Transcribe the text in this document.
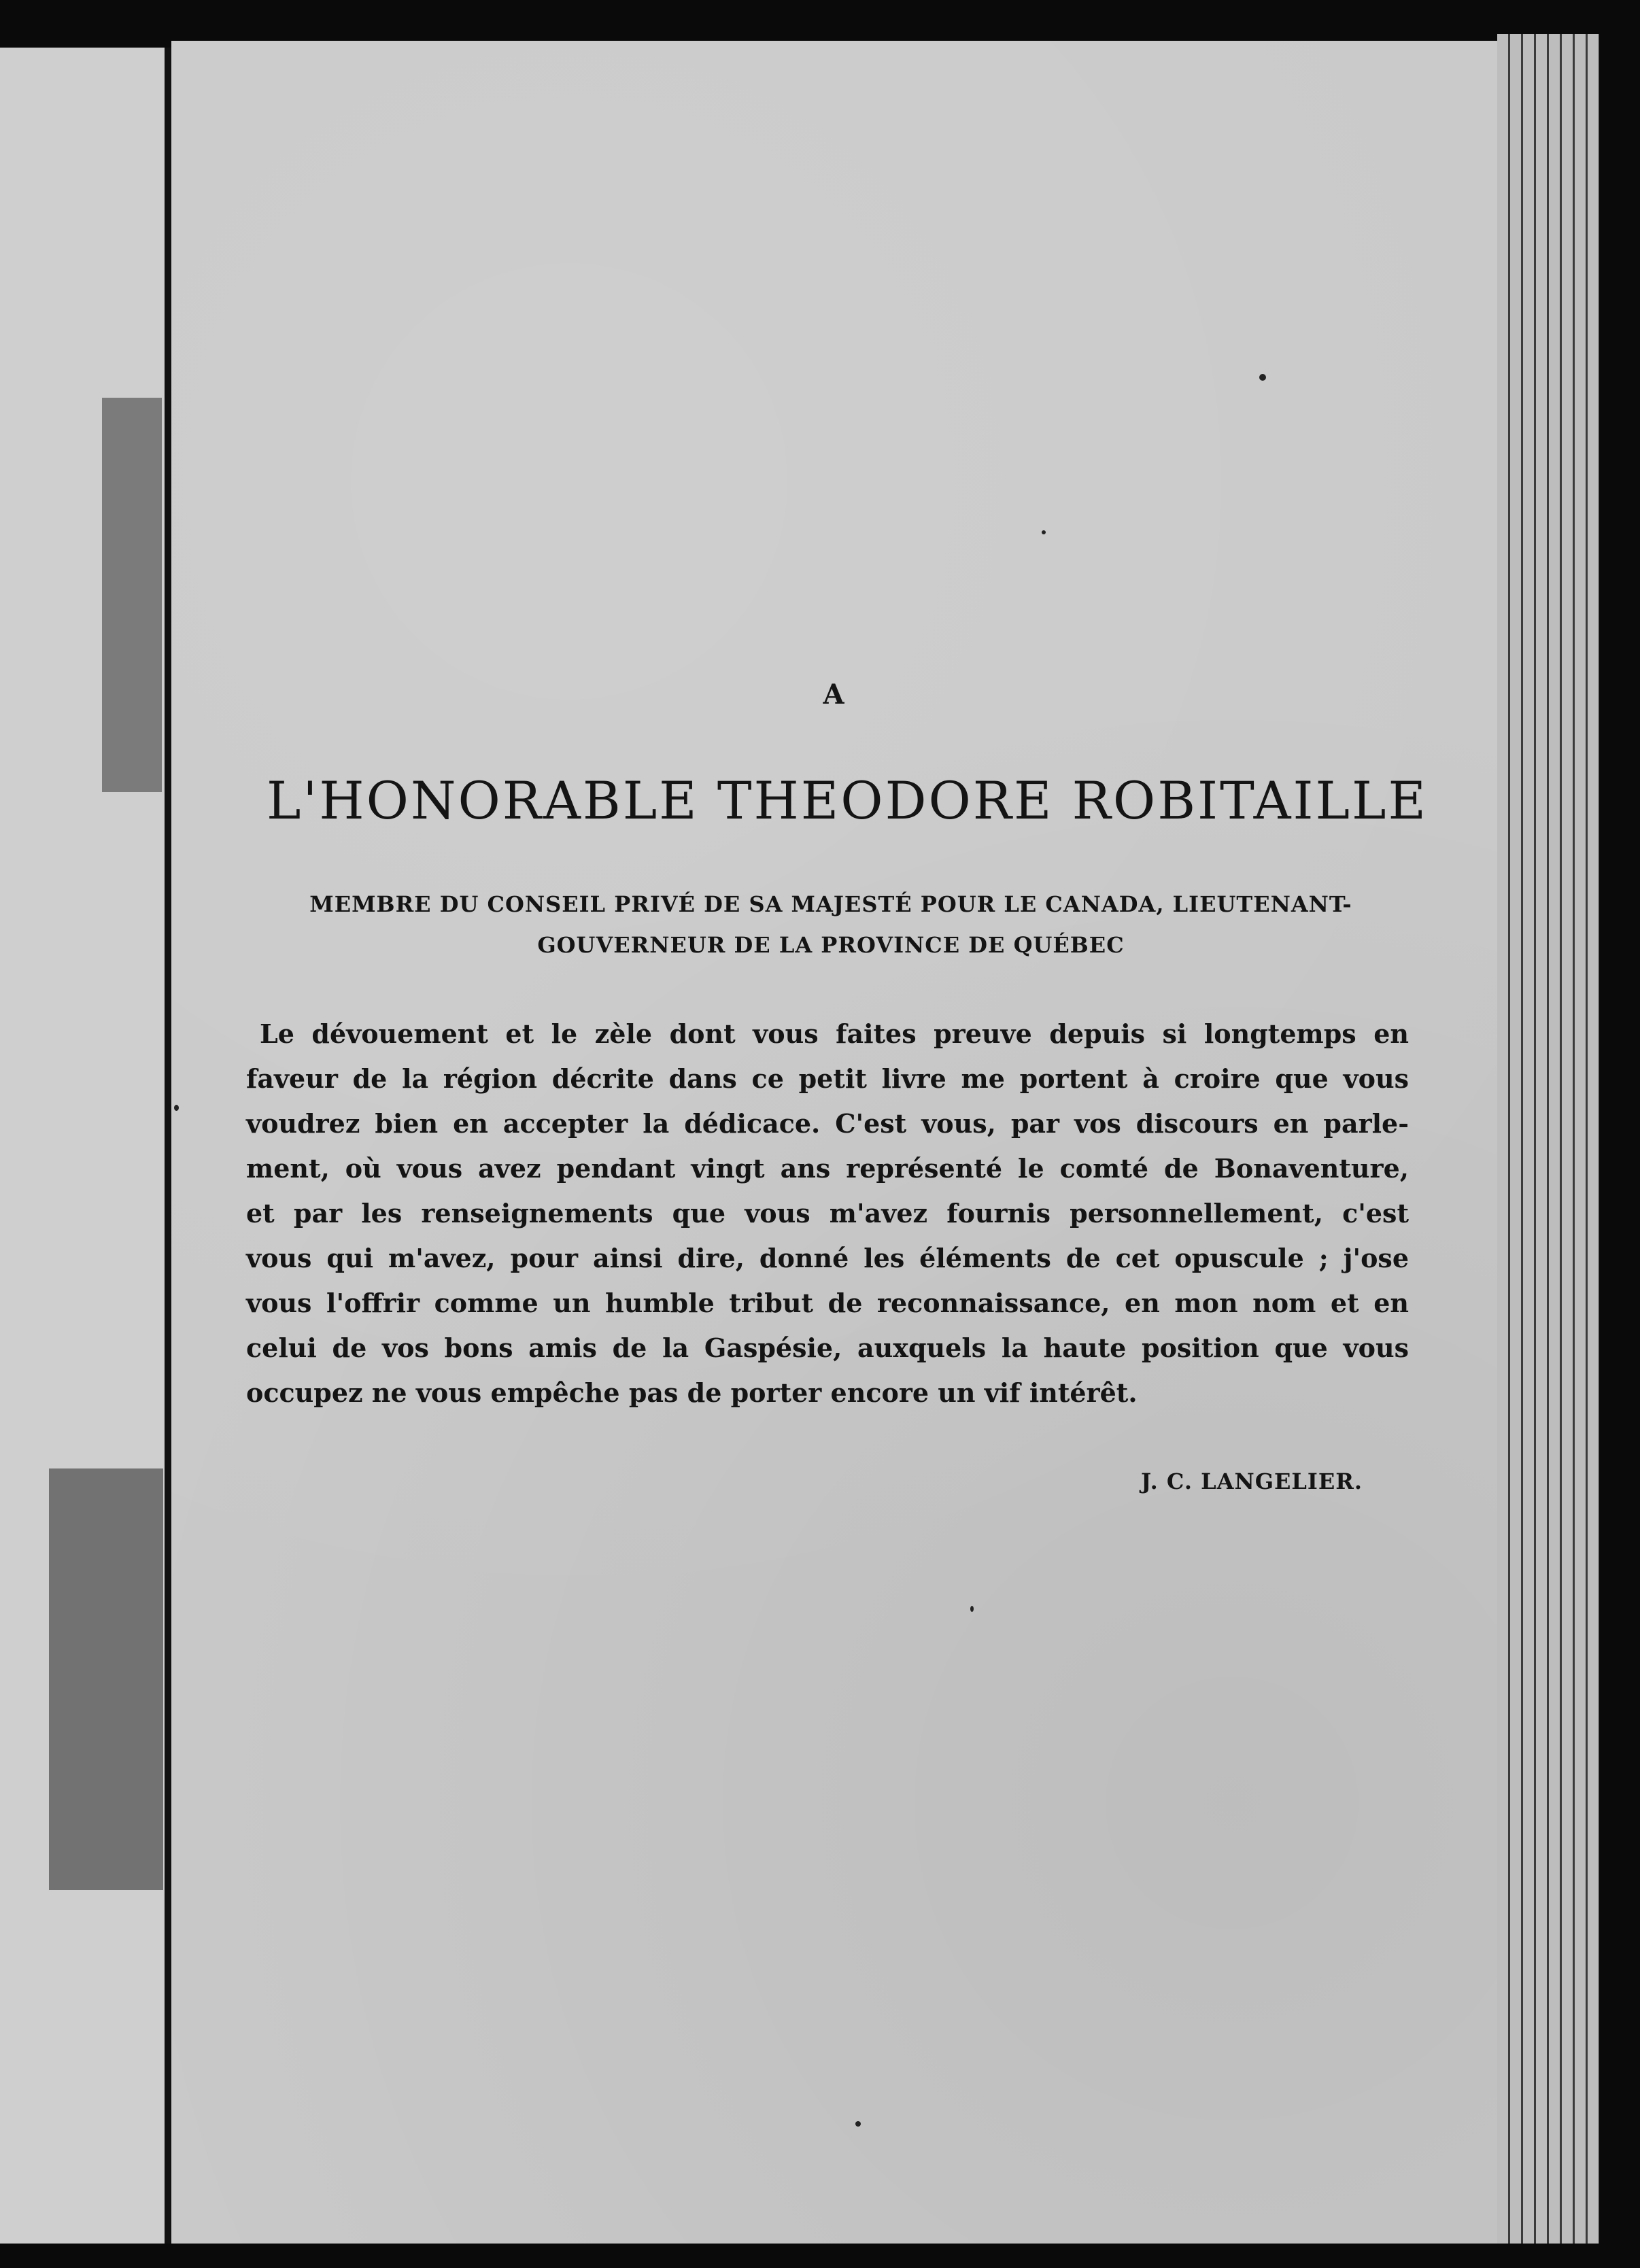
A
L'HONORABLE THEODORE ROBITAILLE
MEMBRE DU CONSEIL PRIVÉ DE SA MAJESTÉ POUR LE CANADA, LIEUTENANT-
GOUVERNEUR DE LA PROVINCE DE QUÉBEC
Le dévouement et le zèle dont vous faites preuve depuis si longtemps en
faveur de la région décrite dans ce petit livre me portent à croire que vous
voudrez bien en accepter la dédicace. C'est vous, par vos discours en parle-
ment, où vous avez pendant vingt ans représenté le comté de Bonaventure,
et par les renseignements que vous m'avez fournis personnellement, c'est
vous qui m'avez, pour ainsi dire, donné les éléments de cet opuscule ; j'ose
vous l'offrir comme un humble tribut de reconnaissance, en mon nom et en
celui de vos bons amis de la Gaspésie, auxquels la haute position que vous
occupez ne vous empêche pas de porter encore un vif intérêt.
J. C. LANGELIER.
